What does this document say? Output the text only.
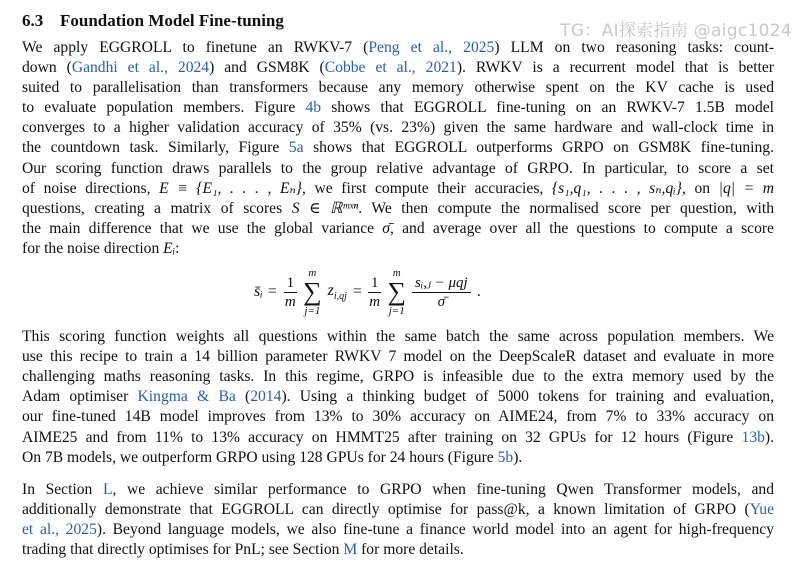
TG：AI探索指南 @aigc1024
6.3 Foundation Model Fine-tuning
We apply EGGROLL to finetune an RWKV-7 (Peng et al., 2025) LLM on two reasoning tasks: count-
down (Gandhi et al., 2024) and GSM8K (Cobbe et al., 2021). RWKV is a recurrent model that is better
suited to parallelisation than transformers because any memory otherwise spent on the KV cache is used
to evaluate population members. Figure 4b shows that EGGROLL fine-tuning on an RWKV-7 1.5B model
converges to a higher validation accuracy of 35% (vs. 23%) given the same hardware and wall-clock time in
the countdown task. Similarly, Figure 5a shows that EGGROLL outperforms GRPO on GSM8K fine-tuning.
Our scoring function draws parallels to the group relative advantage of GRPO. In particular, to score a set
of noise directions, E ≡ {E₁, . . . , Eₙ}, we first compute their accuracies, {s₁,q₁, . . . , sₙ,qᵢ}, on |q| = m
questions, creating a matrix of scores S ∈ ℝᵐˣⁿ. We then compute the normalised score per question, with
the main difference that we use the global variance σ̄, and average over all the questions to compute a score
for the noise direction Eᵢ:
s̄ᵢ = $\frac{1}{m}$
m
∑
j=1
$z_{i,qj} = \frac{1}{m}$
m
∑
j=1
$\frac{\text{sᵢ,ⱼ − μqj}}{\sigmā}$ .
This scoring function weights all questions within the same batch the same across population members. We
use this recipe to train a 14 billion parameter RWKV 7 model on the DeepScaleR dataset and evaluate in more
challenging maths reasoning tasks. In this regime, GRPO is infeasible due to the extra memory used by the
Adam optimiser Kingma & Ba (2014). Using a thinking budget of 5000 tokens for training and evaluation,
our fine-tuned 14B model improves from 13% to 30% accuracy on AIME24, from 7% to 33% accuracy on
AIME25 and from 11% to 13% accuracy on HMMT25 after training on 32 GPUs for 12 hours (Figure 13b).
On 7B models, we outperform GRPO using 128 GPUs for 24 hours (Figure 5b).
In Section L, we achieve similar performance to GRPO when fine-tuning Qwen Transformer models, and
additionally demonstrate that EGGROLL can directly optimise for pass@k, a known limitation of GRPO (Yue
et al., 2025). Beyond language models, we also fine-tune a finance world model into an agent for high-frequency
trading that directly optimises for PnL; see Section M for more details.
